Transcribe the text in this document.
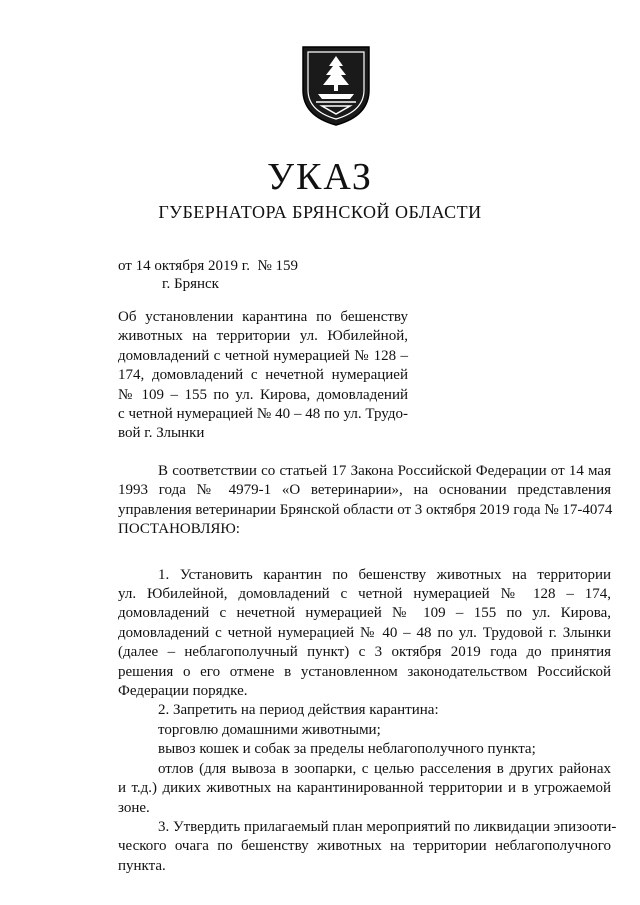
УКАЗ
ГУБЕРНАТОРА БРЯНСКОЙ ОБЛАСТИ
от 14 октября 2019 г. № 159
г. Брянск
Об установлении карантина по бешенству
животных на территории ул. Юбилейной,
домовладений с четной нумерацией № 128 –
174, домовладений с нечетной нумерацией
№ 109 – 155 по ул. Кирова, домовладений
с четной нумерацией № 40 – 48 по ул. Трудо-
вой г. Злынки
В соответствии со статьей 17 Закона Российской Федерации от 14 мая
1993 года № 4979-1 «О ветеринарии», на основании представления
управления ветеринарии Брянской области от 3 октября 2019 года № 17-4074
ПОСТАНОВЛЯЮ:
1. Установить карантин по бешенству животных на территории
ул. Юбилейной, домовладений с четной нумерацией № 128 – 174,
домовладений с нечетной нумерацией № 109 – 155 по ул. Кирова,
домовладений с четной нумерацией № 40 – 48 по ул. Трудовой г. Злынки
(далее – неблагополучный пункт) с 3 октября 2019 года до принятия
решения о его отмене в установленном законодательством Российской
Федерации порядке.
2. Запретить на период действия карантина:
торговлю домашними животными;
вывоз кошек и собак за пределы неблагополучного пункта;
отлов (для вывоза в зоопарки, с целью расселения в других районах
и т.д.) диких животных на карантинированной территории и в угрожаемой
зоне.
3. Утвердить прилагаемый план мероприятий по ликвидации эпизооти-
ческого очага по бешенству животных на территории неблагополучного
пункта.
